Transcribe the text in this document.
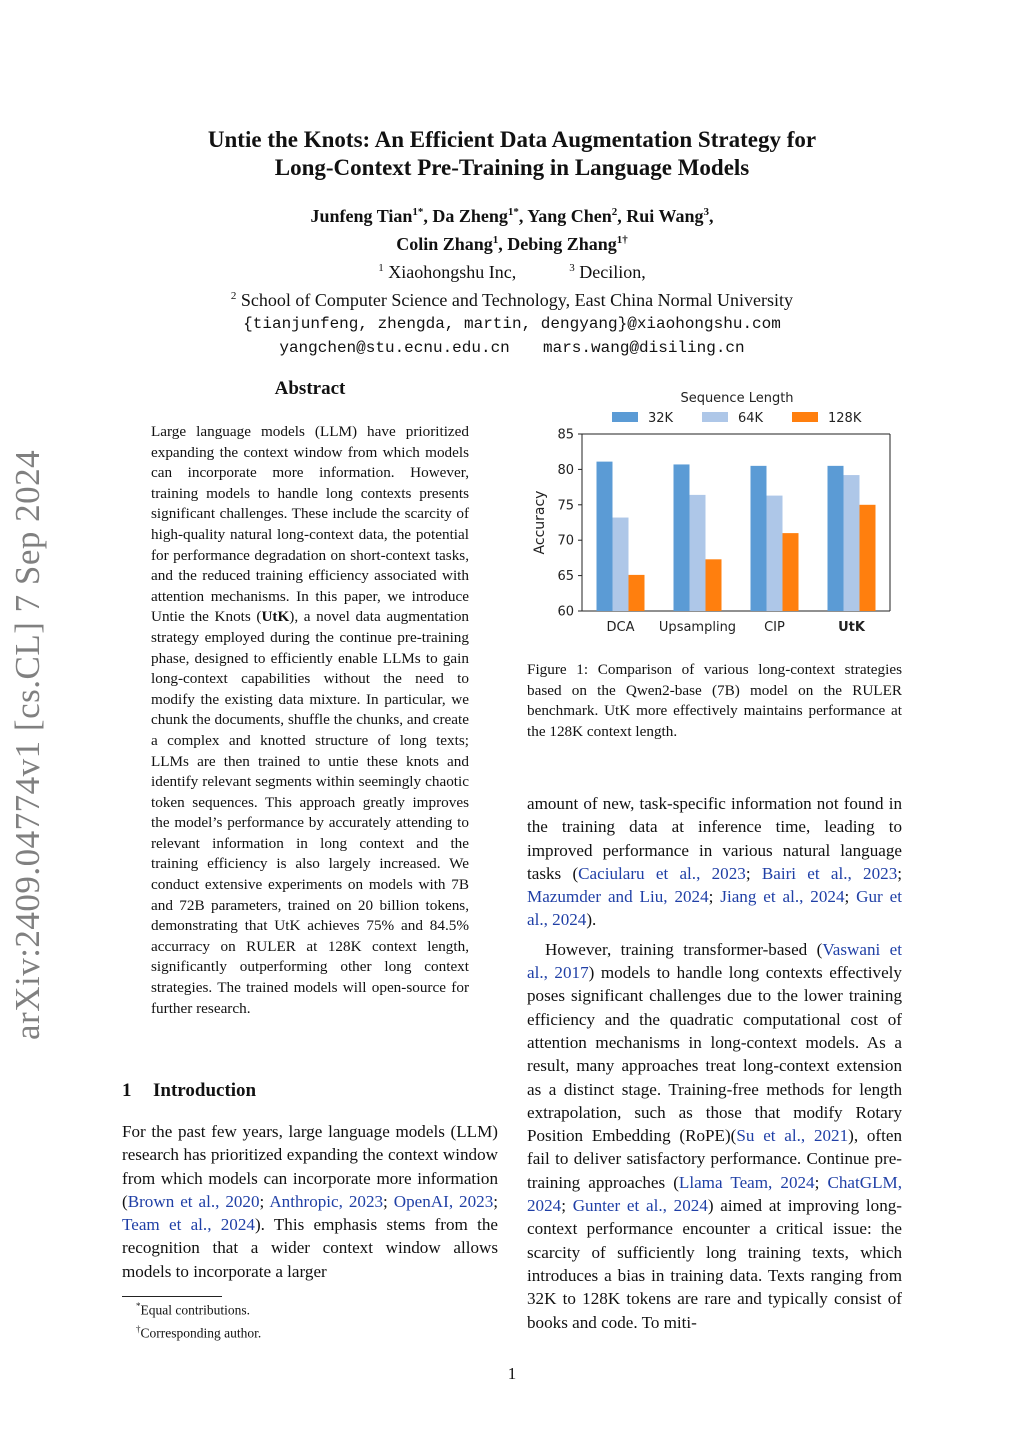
arXiv:2409.04774v1 [cs.CL] 7 Sep 2024
Untie the Knots: An Efficient Data Augmentation Strategy for
Long-Context Pre-Training in Language Models
Junfeng Tian$^{1*}$, Da Zheng$^{1*}$, Yang Chen$^2$, Rui Wang$^3$,
Colin Zhang$^1$, Debing Zhang$^{1\dagger}$
$^1$ Xiaohongshu Inc,	$^3$ Decilion,
$^2$ School of Computer Science and Technology, East China Normal University
{tianjunfeng, zhengda, martin, dengyang}@xiaohongshu.com
yangchen@stu.ecnu.edu.cn mars.wang@disiling.cn
Abstract
Large language models (LLM) have prioritized expanding the context window from which models can incorporate more information. However, training models to handle long contexts presents significant challenges. These include the scarcity of high-quality natural long-context data, the potential for performance degradation on short-context tasks, and the reduced training efficiency associated with attention mechanisms. In this paper, we introduce Untie the Knots (UtK), a novel data augmentation strategy employed during the continue pre-training phase, designed to efficiently enable LLMs to gain long-context capabilities without the need to modify the existing data mixture. In particular, we chunk the documents, shuffle the chunks, and create a complex and knotted structure of long texts; LLMs are then trained to untie these knots and identify relevant segments within seemingly chaotic token sequences. This approach greatly improves the model’s performance by accurately attending to relevant information in long context and the training efficiency is also largely increased. We conduct extensive experiments on models with 7B and 72B parameters, trained on 20 billion tokens, demonstrating that UtK achieves 75% and 84.5% accurracy on RULER at 128K context length, significantly outperforming other long context strategies. The trained models will open-source for further research.
1 Introduction
For the past few years, large language models (LLM) research has prioritized expanding the context window from which models can incorporate more information (Brown et al., 2020; Anthropic, 2023; OpenAI, 2023; Team et al., 2024). This emphasis stems from the recognition that a wider context window allows models to incorporate a larger
*Equal contributions.
†Corresponding author.
60
65
70
75
80
85
Accuracy
DCA Upsampling CIP	UtK
Sequence Length
32K	64K	128K
Figure 1: Comparison of various long-context strategies based on the Qwen2-base (7B) model on the RULER benchmark. UtK more effectively maintains performance at the 128K context length.

amount of new, task-specific information not found in the training data at inference time, leading to improved performance in various natural language tasks (Caciularu et al., 2023; Bairi et al., 2023; Mazumder and Liu, 2024; Jiang et al., 2024; Gur et al., 2024).

However, training transformer-based (Vaswani et al., 2017) models to handle long contexts effectively poses significant challenges due to the lower training efficiency and the quadratic computational cost of attention mechanisms in long-context models. As a result, many approaches treat long-context extension as a distinct stage. Training-free methods for length extrapolation, such as those that modify Rotary Position Embedding (RoPE)(Su et al., 2021), often fail to deliver satisfactory performance. Continue pre-training approaches (Llama Team, 2024; ChatGLM, 2024; Gunter et al., 2024) aimed at improving long-context performance encounter a critical issue: the scarcity of sufficiently long training texts, which introduces a bias in training data. Texts ranging from 32K to 128K tokens are rare and typically consist of books and code. To miti-

1
